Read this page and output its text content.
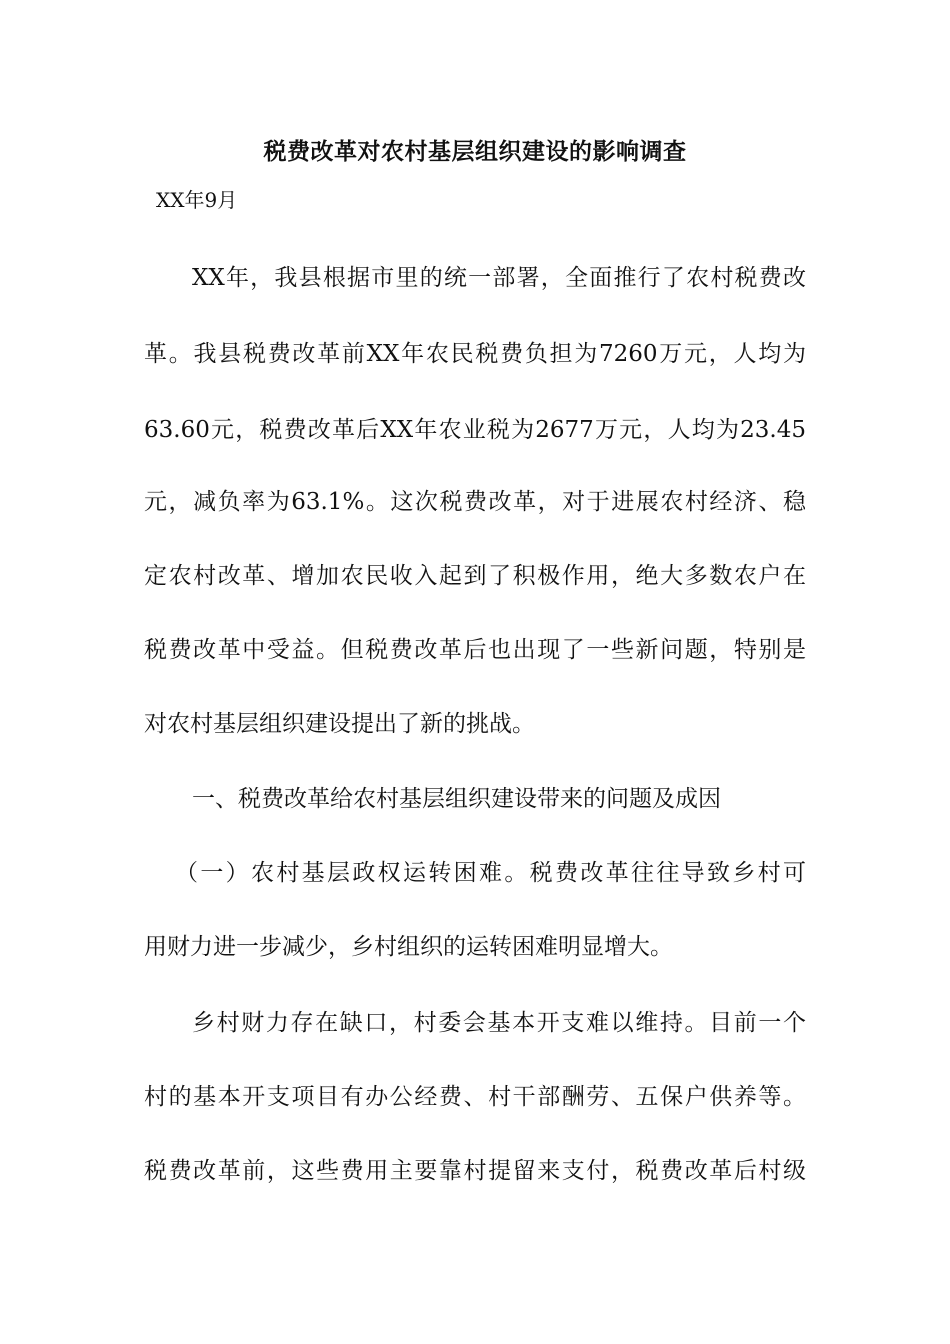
税费改革对农村基层组织建设的影响调查
XX年9月
XX年，我县根据市里的统一部署，全面推行了农村税费改
革。我县税费改革前XX年农民税费负担为7260万元，人均为
63.60元，税费改革后XX年农业税为2677万元，人均为23.45
元，减负率为63.1%。这次税费改革，对于进展农村经济、稳
定农村改革、增加农民收入起到了积极作用，绝大多数农户在
税费改革中受益。但税费改革后也出现了一些新问题，特别是
对农村基层组织建设提出了新的挑战。
一、税费改革给农村基层组织建设带来的问题及成因
（一）农村基层政权运转困难。税费改革往往导致乡村可
用财力进一步减少，乡村组织的运转困难明显增大。
乡村财力存在缺口，村委会基本开支难以维持。目前一个
村的基本开支项目有办公经费、村干部酬劳、五保户供养等。
税费改革前，这些费用主要靠村提留来支付，税费改革后村级
